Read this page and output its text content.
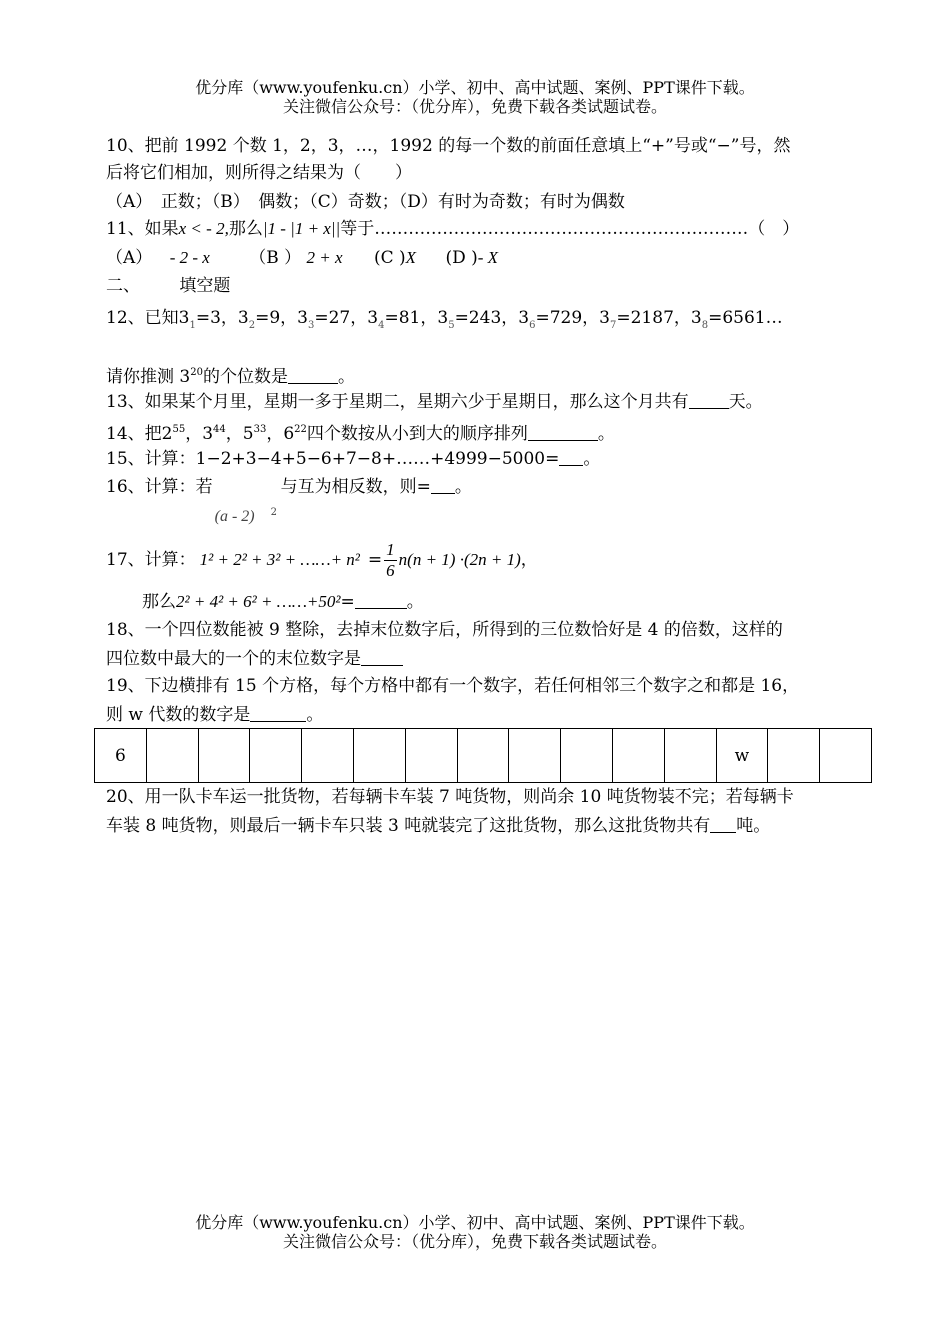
优分库（www.youfenku.cn）小学、初中、高中试题、案例、PPT课件下载。
关注微信公众号：（优分库），免费下载各类试题试卷。
10、把前 1992 个数 1，2，3，…，1992 的每一个数的前面任意填上“+”号或“−”号，然
后将它们相加，则所得之结果为（　　）
（A）　正数；（B）　偶数；（C）奇数；（D）有时为奇数；有时为偶数
11、如果x < - 2,那么|1 - |1 + x||等于…………………………………………………………（　）
（A） - 2 - x （B ） 2 + x (C )X (D )- X
二、 填空题
12、已知$3_1=3$，$3_2=9$，$3_3=27$，$3_4=81$，$3_5=243$，$3_6=729$，$3_7=2187$，$3_8=6561\dots$
请你推测 $3^{20}$的个位数是	。
13、如果某个月里，星期一多于星期二，星期六少于星期日，那么这个月共有 天。
14、把$2^{55}$，$3^{44}$，$5^{33}$，$6^{22}$四个数按从小到大的顺序排列	。
15、计算：1−2+3−4+5−6+7−8+……+4999−5000= 。
16、计算：若
(a - 2) 2
与互为相反数，则= 。
17、计算： 1² + 2² + 3² + ……+ $n^2 = \frac{1}{6} n(n + 1) \cdot(2n + 1)$，
那么2² + 4² + 6² + ……+50²=	。
18、一个四位数能被 9 整除，去掉末位数字后，所得到的三位数恰好是 4 的倍数，这样的
四位数中最大的一个的末位数字是
19、下边横排有 15 个方格，每个方格中都有一个数字，若任何相邻三个数字之和都是 16，
则 w 代数的数字是	。
6												w		
20、用一队卡车运一批货物，若每辆卡车装 7 吨货物，则尚余 10 吨货物装不完；若每辆卡
车装 8 吨货物，则最后一辆卡车只装 3 吨就装完了这批货物，那么这批货物共有 吨。
优分库（www.youfenku.cn）小学、初中、高中试题、案例、PPT课件下载。
关注微信公众号：（优分库），免费下载各类试题试卷。
